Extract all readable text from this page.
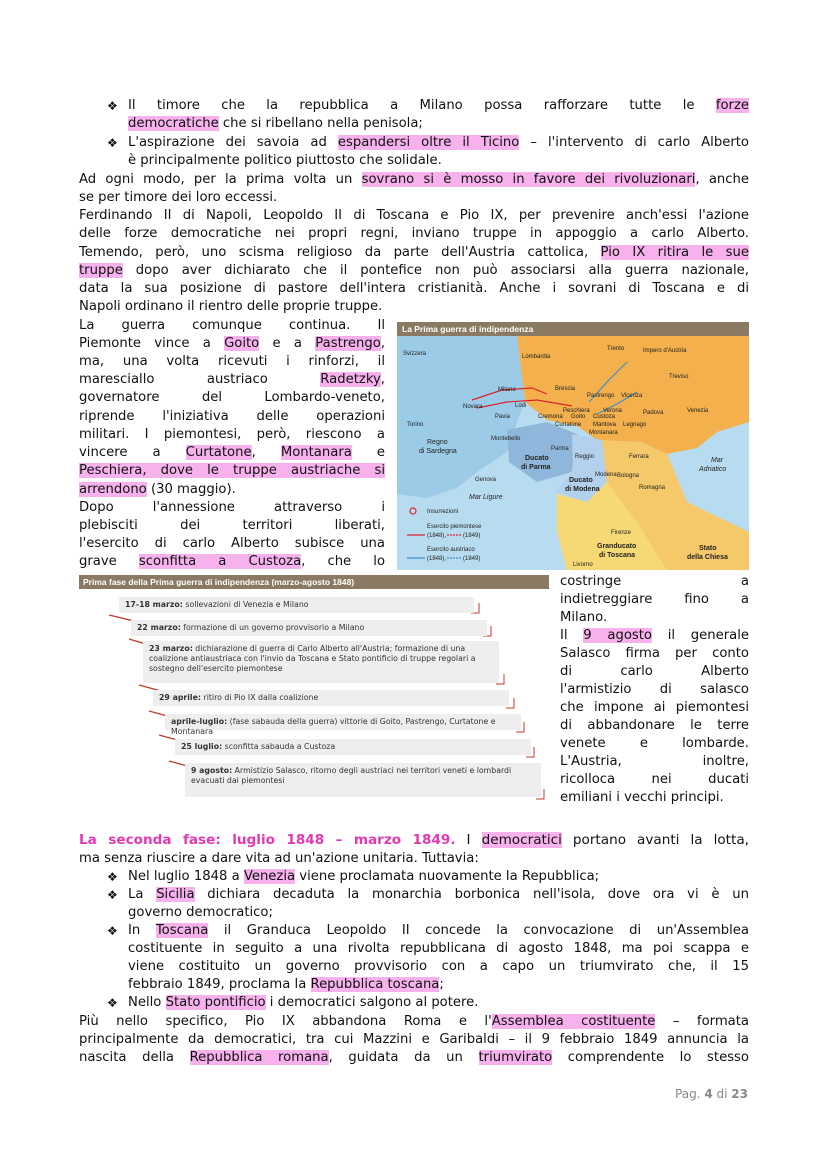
❖ Il timore che la repubblica a Milano possa rafforzare tutte le forze
democratiche che si ribellano nella penisola;
❖ L'aspirazione dei savoia ad espandersi oltre il Ticino – l'intervento di carlo Alberto
è principalmente politico piuttosto che solidale.
Ad ogni modo, per la prima volta un sovrano si è mosso in favore dei rivoluzionari, anche
se per timore dei loro eccessi.
Ferdinando II di Napoli, Leopoldo II di Toscana e Pio IX, per prevenire anch'essi l'azione
delle forze democratiche nei propri regni, inviano truppe in appoggio a carlo Alberto.
Temendo, però, uno scisma religioso da parte dell'Austria cattolica, Pio IX ritira le sue
truppe dopo aver dichiarato che il pontefice non può associarsi alla guerra nazionale,
data la sua posizione di pastore dell'intera cristianità. Anche i sovrani di Toscana e di
Napoli ordinano il rientro delle proprie truppe.
La guerra comunque continua. Il
Piemonte vince a Goito e a Pastrengo,
ma, una volta ricevuti i rinforzi, il
maresciallo austriaco Radetzky,
governatore del Lombardo-veneto,
riprende l'iniziativa delle operazioni
militari. I piemontesi, però, riescono a
vincere a Curtatone, Montanara e
Peschiera, dove le truppe austriache si
arrendono (30 maggio).
Dopo l'annessione attraverso i
plebisciti dei territori liberati,
l'esercito di carlo Alberto subisce una
grave sconfitta a Custoza, che lo
La Prima guerra di indipendenza
Svizzera	Lombardia
Trento	Impero d'Austria
Treviso
Milano	Brescia
Novara	Lodi
Pastrengo Vicenza
Venezia
Peschiera
Goito
Verona	Padova
Pavia	Cremona	Custoza
Curtatone Mantova Legnago
Montanara
Torino
Montebello
Regno
di Sardegna	Parma
Ducato
di Parma
Reggio	Ferrara
Modena
Ducato
di Modena
Bologna
Mar
Adriatico
Romagna
Genova
Mar Ligure
Firenze
Granducato
di Toscana
Stato
della Chiesa
Livorno
Insurrezioni
Esercito piemontese
(1848),	(1849)
Esercito austriaco
(1848),	(1849)
Prima fase della Prima guerra di indipendenza (marzo-agosto 1848)
17-18 marzo: sollevazioni di Venezia e Milano
22 marzo: formazione di un governo provvisorio a Milano
23 marzo: dichiarazione di guerra di Carlo Alberto all'Austria; formazione di una coalizione antiaustriaca con l'invio da Toscana e Stato pontificio di truppe regolari a sostegno dell'esercito piemontese
29 aprile: ritiro di Pio IX dalla coalizione
aprile-luglio: (fase sabauda della guerra) vittorie di Goito, Pastrengo, Curtatone e Montanara
25 luglio: sconfitta sabauda a Custoza
9 agosto: Armistizio Salasco, ritorno degli austriaci nei territori veneti e lombardi evacuati dai piemontesi
costringe a
indietreggiare fino a
Milano.
Il 9 agosto il generale
Salasco firma per conto
di carlo Alberto
l'armistizio di salasco
che impone ai piemontesi
di abbandonare le terre
venete e lombarde.
L'Austria, inoltre,
ricolloca nei ducati
emiliani i vecchi principi.
La seconda fase: luglio 1848 – marzo 1849. I democratici portano avanti la lotta,
ma senza riuscire a dare vita ad un'azione unitaria. Tuttavia:
❖ Nel luglio 1848 a Venezia viene proclamata nuovamente la Repubblica;
❖ La Sicilia dichiara decaduta la monarchia borbonica nell'isola, dove ora vi è un
governo democratico;
❖ In Toscana il Granduca Leopoldo II concede la convocazione di un'Assemblea
costituente in seguito a una rivolta repubblicana di agosto 1848, ma poi scappa e
viene costituito un governo provvisorio con a capo un triumvirato che, il 15
febbraio 1849, proclama la Repubblica toscana;
❖ Nello Stato pontificio i democratici salgono al potere.
Più nello specifico, Pio IX abbandona Roma e l'Assemblea costituente – formata
principalmente da democratici, tra cui Mazzini e Garibaldi – il 9 febbraio 1849 annuncia la
nascita della Repubblica romana, guidata da un triumvirato comprendente lo stesso
Pag. 4 di 23
